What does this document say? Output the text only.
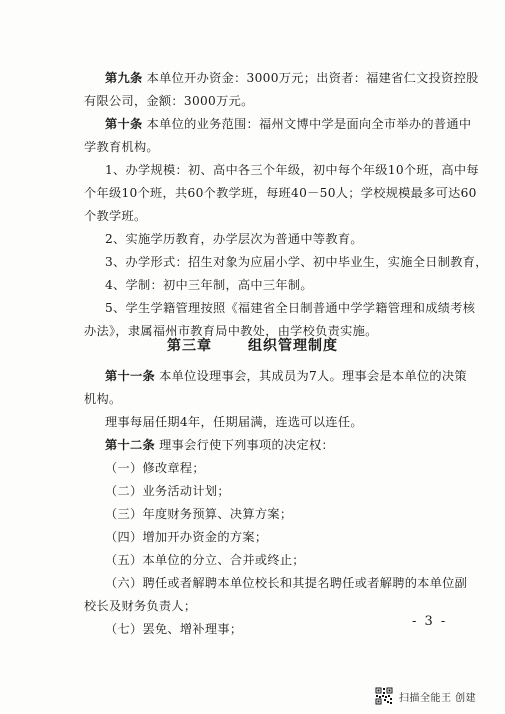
第九条 本单位开办资金：3000万元；出资者：福建省仁文投资控股
有限公司，金额：3000万元。
第十条 本单位的业务范围：福州文博中学是面向全市举办的普通中
学教育机构。
1、办学规模：初、高中各三个年级，初中每个年级10个班，高中每
个年级10个班，共60个教学班，每班40－50人；学校规模最多可达60
个教学班。
2、实施学历教育，办学层次为普通中等教育。
3、办学形式：招生对象为应届小学、初中毕业生，实施全日制教育，
4、学制：初中三年制，高中三年制。
5、学生学籍管理按照《福建省全日制普通中学学籍管理和成绩考核
办法》，隶属福州市教育局中教处，由学校负责实施。
第三章	组织管理制度
第十一条 本单位设理事会，其成员为7人。理事会是本单位的决策
机构。
理事每届任期4年，任期届满，连选可以连任。
第十二条 理事会行使下列事项的决定权：
（一）修改章程；
（二）业务活动计划；
（三）年度财务预算、决算方案；
（四）增加开办资金的方案；
（五）本单位的分立、合并或终止；
（六）聘任或者解聘本单位校长和其提名聘任或者解聘的本单位副
校长及财务负责人；
（七）罢免、增补理事；	- 3 -
扫描全能王 创建
